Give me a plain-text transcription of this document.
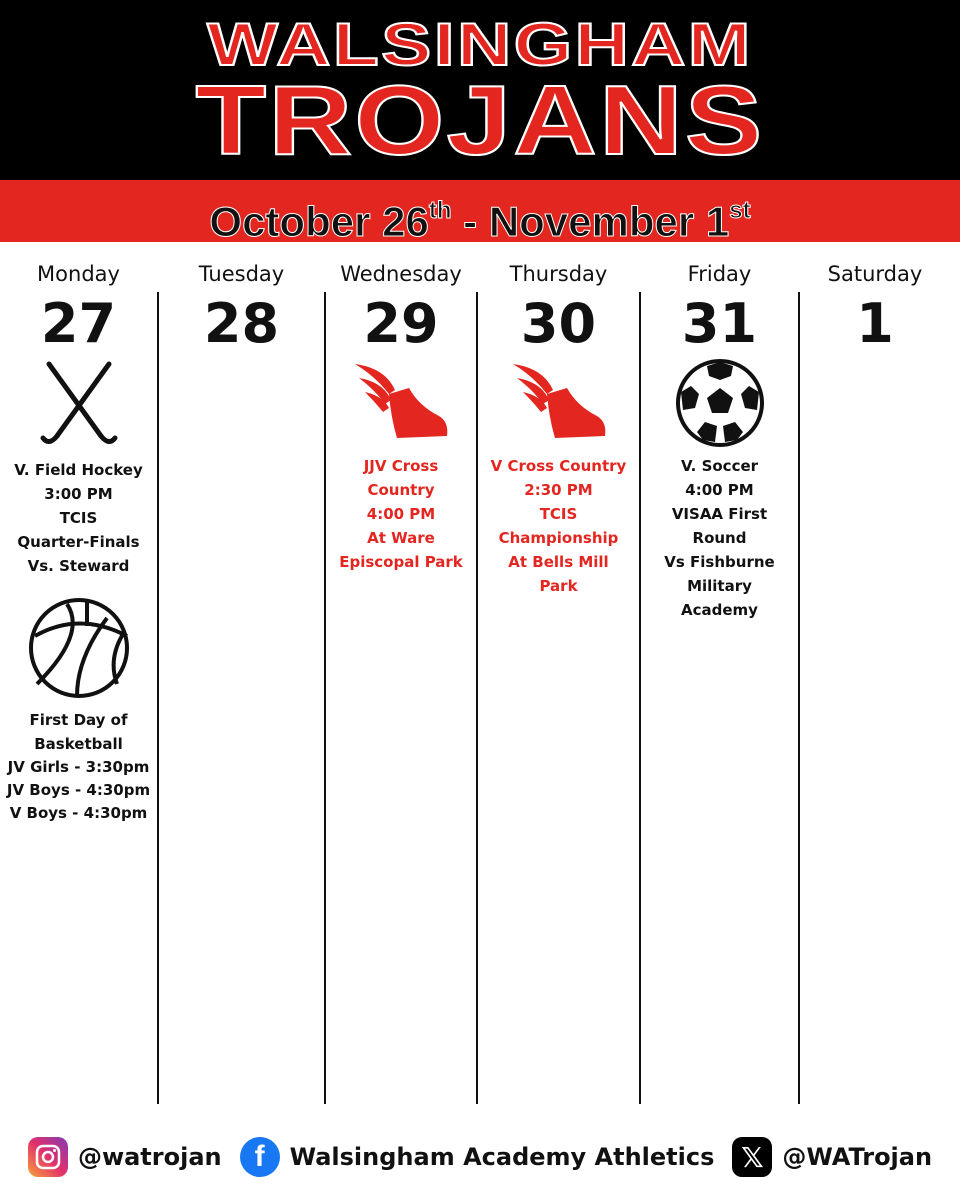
WALSINGHAM
TROJANS
October 26th - November 1st
Monday
27
V. Field Hockey
3:00 PM
TCIS
Quarter-Finals
Vs. Steward
First Day of
Basketball
JV Girls - 3:30pm
JV Boys - 4:30pm
V Boys - 4:30pm
Tuesday
28
Wednesday
29
JJV Cross
Country
4:00 PM
At Ware
Episcopal Park
Thursday
30
V Cross Country
2:30 PM
TCIS
Championship
At Bells Mill
Park
Friday
31
V. Soccer
4:00 PM
VISAA First
Round
Vs Fishburne
Military
Academy
Saturday
1
@watrojan	f	Walsingham Academy Athletics 𝕏 @WATrojan
